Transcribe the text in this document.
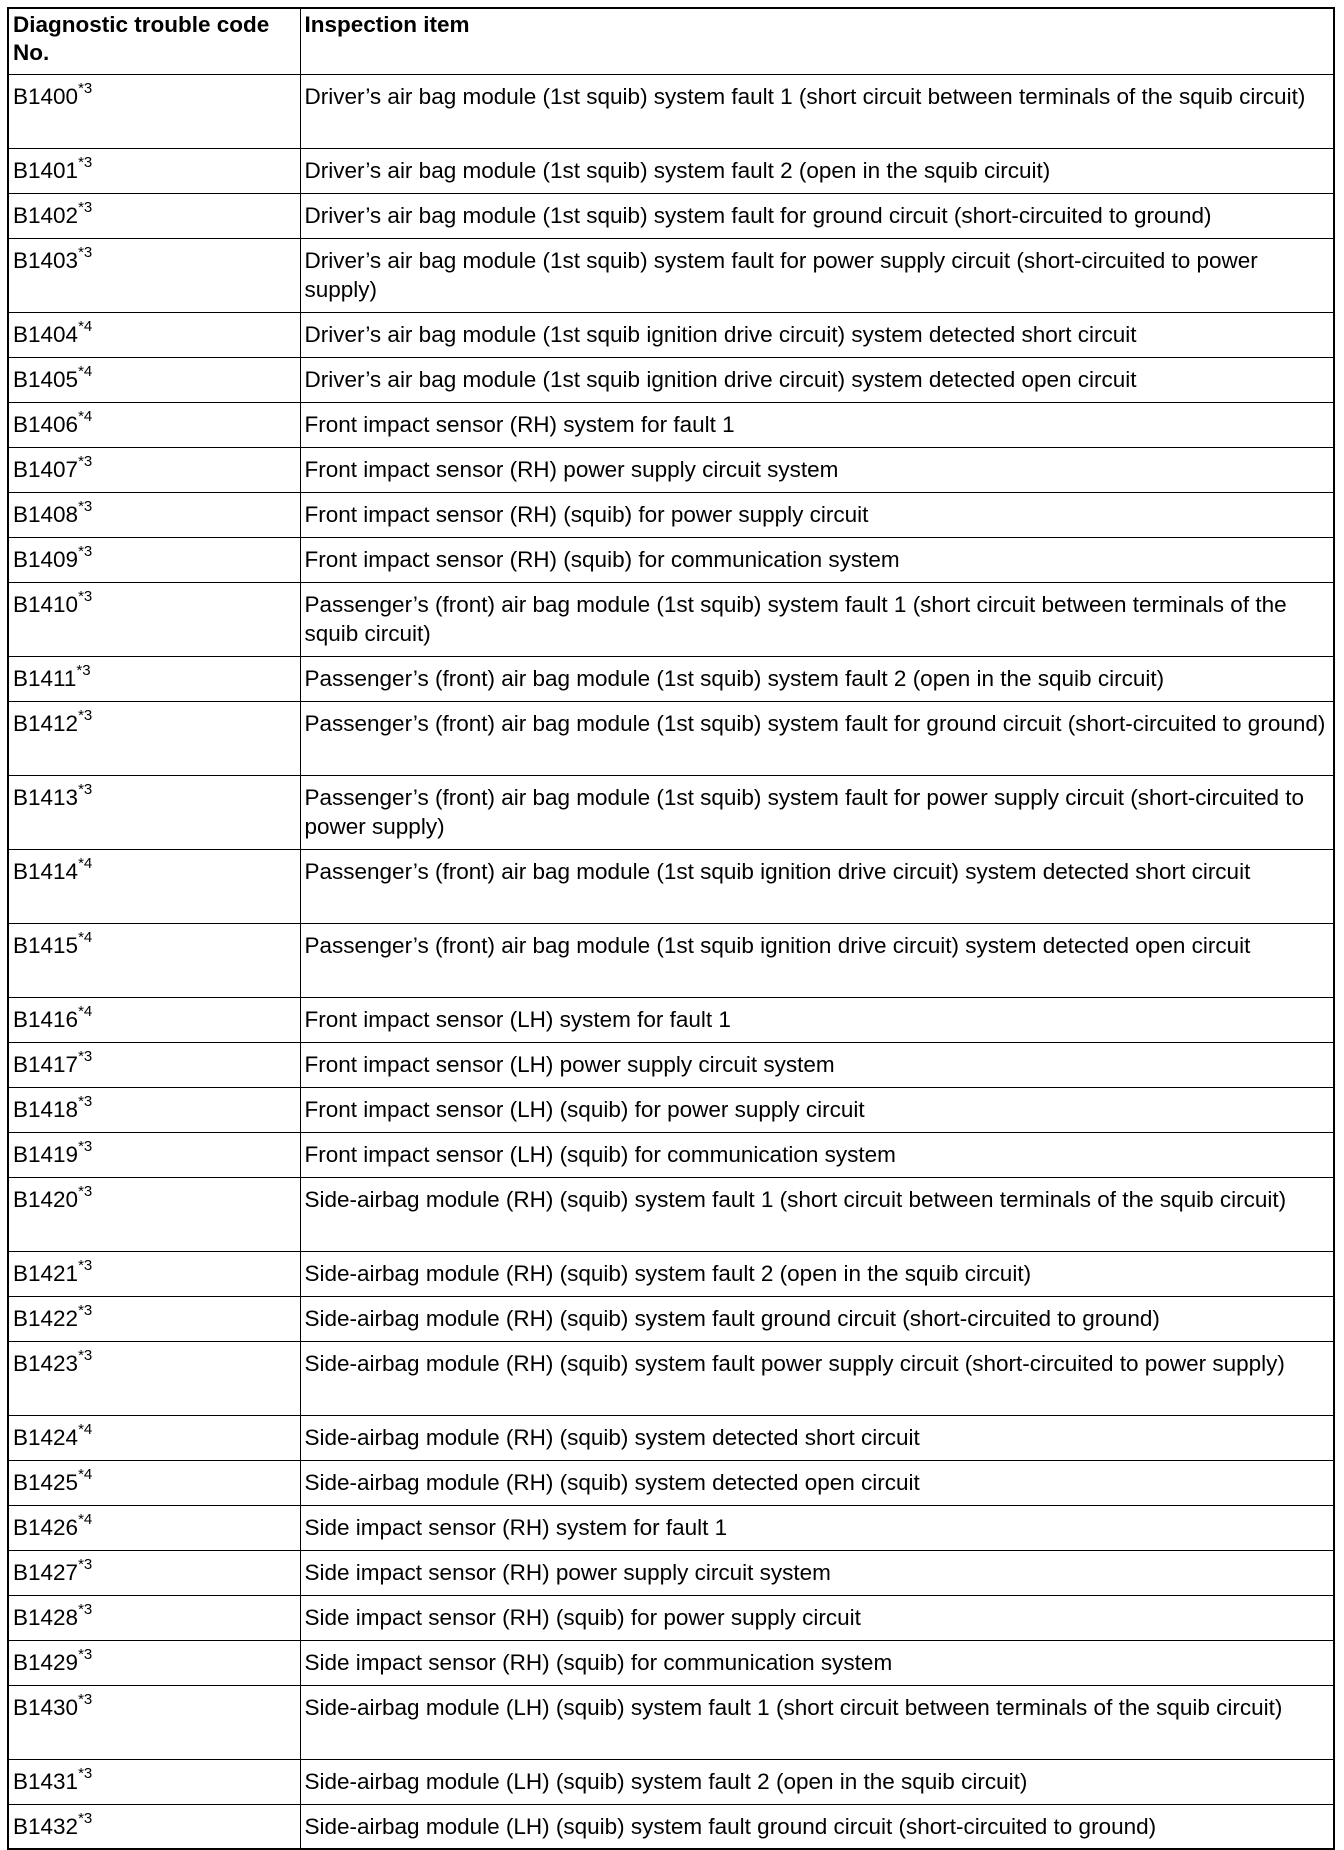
Diagnostic trouble code No.	Inspection item
B1400$^{*3}$	Driver’s air bag module (1st squib) system fault 1 (short circuit between terminals of the squib circuit)
B1401$^{*3}$	Driver’s air bag module (1st squib) system fault 2 (open in the squib circuit)
B1402$^{*3}$	Driver’s air bag module (1st squib) system fault for ground circuit (short-circuited to ground)
B1403$^{*3}$	Driver’s air bag module (1st squib) system fault for power supply circuit (short-circuited to power supply)
B1404$^{*4}$	Driver’s air bag module (1st squib ignition drive circuit) system detected short circuit
B1405$^{*4}$	Driver’s air bag module (1st squib ignition drive circuit) system detected open circuit
B1406$^{*4}$	Front impact sensor (RH) system for fault 1
B1407$^{*3}$	Front impact sensor (RH) power supply circuit system
B1408$^{*3}$	Front impact sensor (RH) (squib) for power supply circuit
B1409$^{*3}$	Front impact sensor (RH) (squib) for communication system
B1410$^{*3}$	Passenger’s (front) air bag module (1st squib) system fault 1 (short circuit between terminals of the squib circuit)
B1411$^{*3}$	Passenger’s (front) air bag module (1st squib) system fault 2 (open in the squib circuit)
B1412$^{*3}$	Passenger’s (front) air bag module (1st squib) system fault for ground circuit (short-circuited to ground)
B1413$^{*3}$	Passenger’s (front) air bag module (1st squib) system fault for power supply circuit (short-circuited to power supply)
B1414$^{*4}$	Passenger’s (front) air bag module (1st squib ignition drive circuit) system detected short circuit
B1415$^{*4}$	Passenger’s (front) air bag module (1st squib ignition drive circuit) system detected open circuit
B1416$^{*4}$	Front impact sensor (LH) system for fault 1
B1417$^{*3}$	Front impact sensor (LH) power supply circuit system
B1418$^{*3}$	Front impact sensor (LH) (squib) for power supply circuit
B1419$^{*3}$	Front impact sensor (LH) (squib) for communication system
B1420$^{*3}$	Side-airbag module (RH) (squib) system fault 1 (short circuit between terminals of the squib circuit)
B1421$^{*3}$	Side-airbag module (RH) (squib) system fault 2 (open in the squib circuit)
B1422$^{*3}$	Side-airbag module (RH) (squib) system fault ground circuit (short-circuited to ground)
B1423$^{*3}$	Side-airbag module (RH) (squib) system fault power supply circuit (short-circuited to power supply)
B1424$^{*4}$	Side-airbag module (RH) (squib) system detected short circuit
B1425$^{*4}$	Side-airbag module (RH) (squib) system detected open circuit
B1426$^{*4}$	Side impact sensor (RH) system for fault 1
B1427$^{*3}$	Side impact sensor (RH) power supply circuit system
B1428$^{*3}$	Side impact sensor (RH) (squib) for power supply circuit
B1429$^{*3}$	Side impact sensor (RH) (squib) for communication system
B1430$^{*3}$	Side-airbag module (LH) (squib) system fault 1 (short circuit between terminals of the squib circuit)
B1431$^{*3}$	Side-airbag module (LH) (squib) system fault 2 (open in the squib circuit)
B1432$^{*3}$	Side-airbag module (LH) (squib) system fault ground circuit (short-circuited to ground)
